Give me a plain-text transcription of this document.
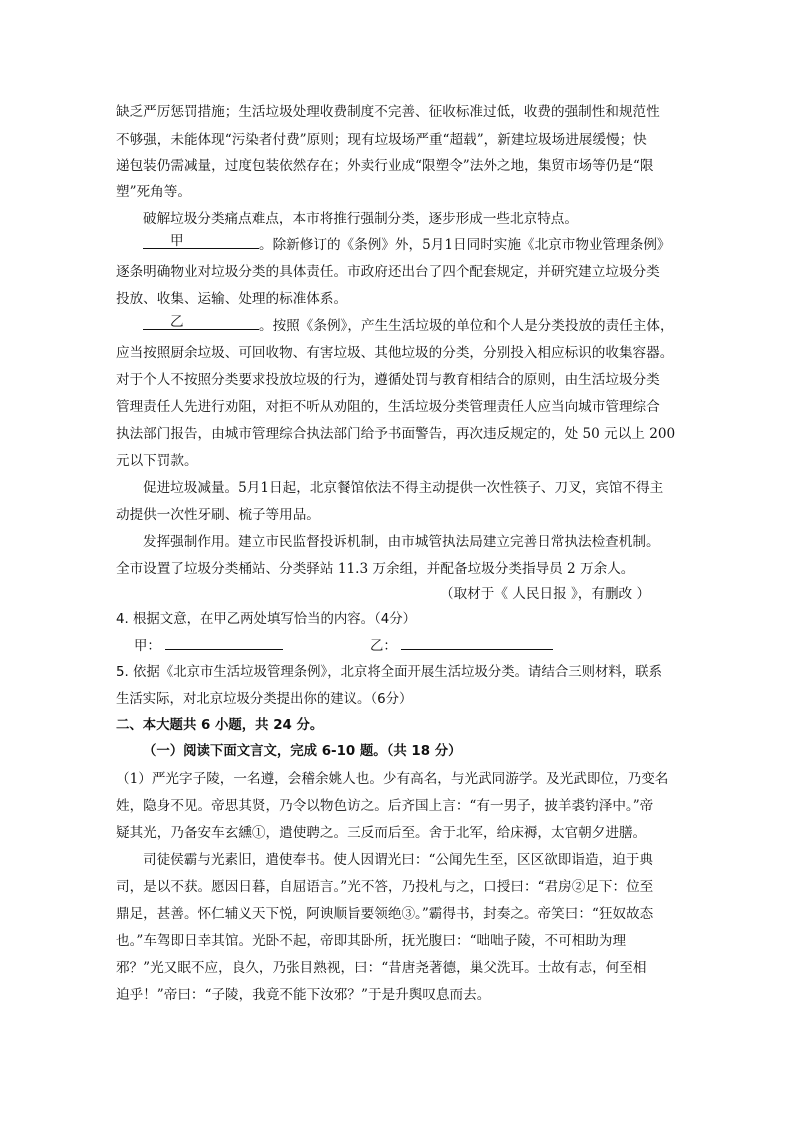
缺乏严厉惩罚措施；生活垃圾处理收费制度不完善、征收标准过低，收费的强制性和规范性
不够强，未能体现“污染者付费”原则；现有垃圾场严重“超载”，新建垃圾场进展缓慢；快
递包装仍需减量，过度包装依然存在；外卖行业成“限塑令”法外之地，集贸市场等仍是“限
塑”死角等。
破解垃圾分类痛点难点，本市将推行强制分类，逐步形成一些北京特点。
甲	。除新修订的《条例》外，5月1日同时实施《北京市物业管理条例》
逐条明确物业对垃圾分类的具体责任。市政府还出台了四个配套规定，并研究建立垃圾分类
投放、收集、运输、处理的标准体系。
乙	。按照《条例》，产生生活垃圾的单位和个人是分类投放的责任主体，
应当按照厨余垃圾、可回收物、有害垃圾、其他垃圾的分类，分别投入相应标识的收集容器。
对于个人不按照分类要求投放垃圾的行为，遵循处罚与教育相结合的原则，由生活垃圾分类
管理责任人先进行劝阻，对拒不听从劝阻的，生活垃圾分类管理责任人应当向城市管理综合
执法部门报告，由城市管理综合执法部门给予书面警告，再次违反规定的，处 50 元以上 200
元以下罚款。
促进垃圾减量。5月1日起，北京餐馆依法不得主动提供一次性筷子、刀叉，宾馆不得主
动提供一次性牙刷、梳子等用品。
发挥强制作用。建立市民监督投诉机制，由市城管执法局建立完善日常执法检查机制。
全市设置了垃圾分类桶站、分类驿站 11.3 万余组，并配备垃圾分类指导员 2 万余人。
（取材于《 人民日报 》，有删改 ）
4. 根据文意，在甲乙两处填写恰当的内容。（4分）
甲：	乙：
5. 依据《北京市生活垃圾管理条例》，北京将全面开展生活垃圾分类。请结合三则材料，联系
生活实际，对北京垃圾分类提出你的建议。（6分）
二、本大题共 6 小题，共 24 分。
（一）阅读下面文言文，完成 6-10 题。（共 18 分）
（1）严光字子陵，一名遵，会稽余姚人也。少有高名，与光武同游学。及光武即位，乃变名
姓，隐身不见。帝思其贤，乃令以物色访之。后齐国上言：“有一男子，披羊裘钓泽中。”帝
疑其光，乃备安车玄纁①，遣使聘之。三反而后至。舍于北军，给床褥，太官朝夕进膳。
司徒侯霸与光素旧，遣使奉书。使人因谓光曰：“公闻先生至，区区欲即诣造，迫于典
司，是以不获。愿因日暮，自屈语言。”光不答，乃投札与之，口授曰：“君房②足下：位至
鼎足，甚善。怀仁辅义天下悦，阿谀顺旨要领绝③。”霸得书，封奏之。帝笑曰：“狂奴故态
也。”车驾即日幸其馆。光卧不起，帝即其卧所，抚光腹曰：“咄咄子陵，不可相助为理
邪？”光又眠不应，良久，乃张目熟视，曰：“昔唐尧著德，巢父洗耳。士故有志，何至相
迫乎！”帝曰：“子陵，我竟不能下汝邪？”于是升舆叹息而去。
